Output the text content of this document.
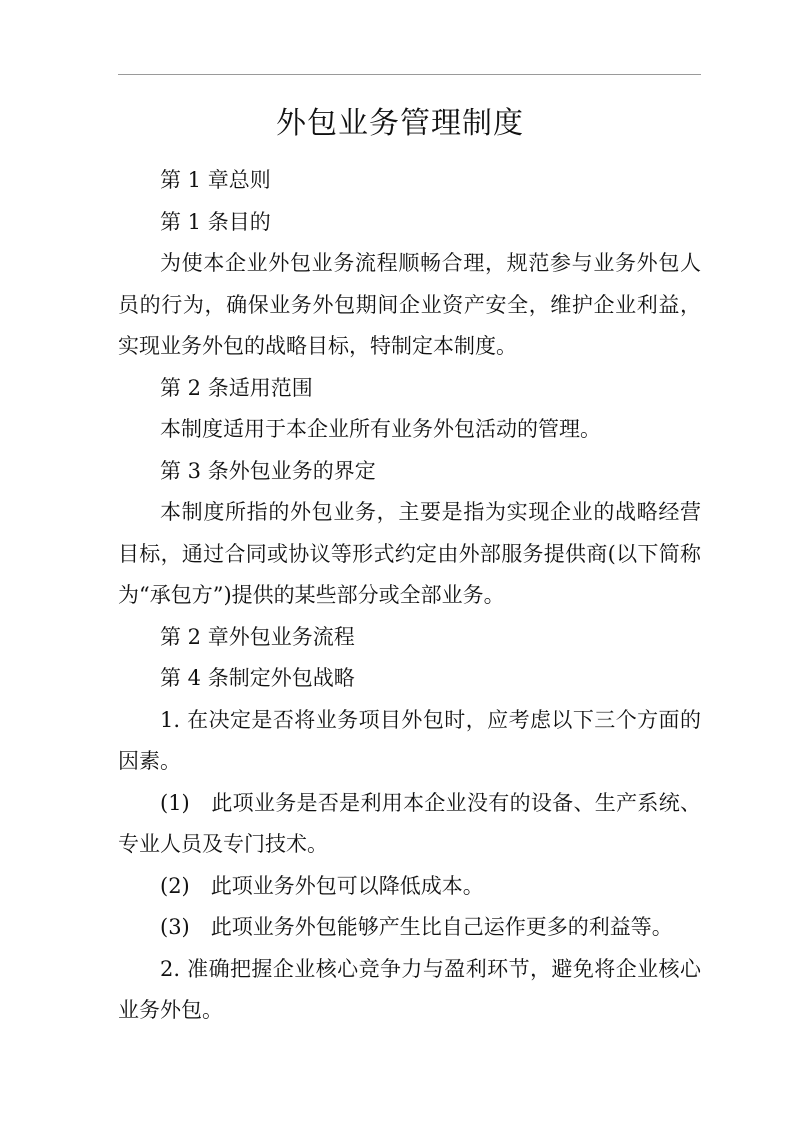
外包业务管理制度

第 1 章总则

第 1 条目的

为使本企业外包业务流程顺畅合理，规范参与业务外包人员的行为，确保业务外包期间企业资产安全，维护企业利益，实现业务外包的战略目标，特制定本制度。

第 2 条适用范围

本制度适用于本企业所有业务外包活动的管理。

第 3 条外包业务的界定

本制度所指的外包业务，主要是指为实现企业的战略经营目标，通过合同或协议等形式约定由外部服务提供商(以下简称为“承包方”)提供的某些部分或全部业务。

第 2 章外包业务流程

第 4 条制定外包战略

1. 在决定是否将业务项目外包时，应考虑以下三个方面的因素。

(1)　此项业务是否是利用本企业没有的设备、生产系统、专业人员及专门技术。

(2)　此项业务外包可以降低成本。

(3)　此项业务外包能够产生比自己运作更多的利益等。

2. 准确把握企业核心竞争力与盈利环节，避免将企业核心业务外包。
